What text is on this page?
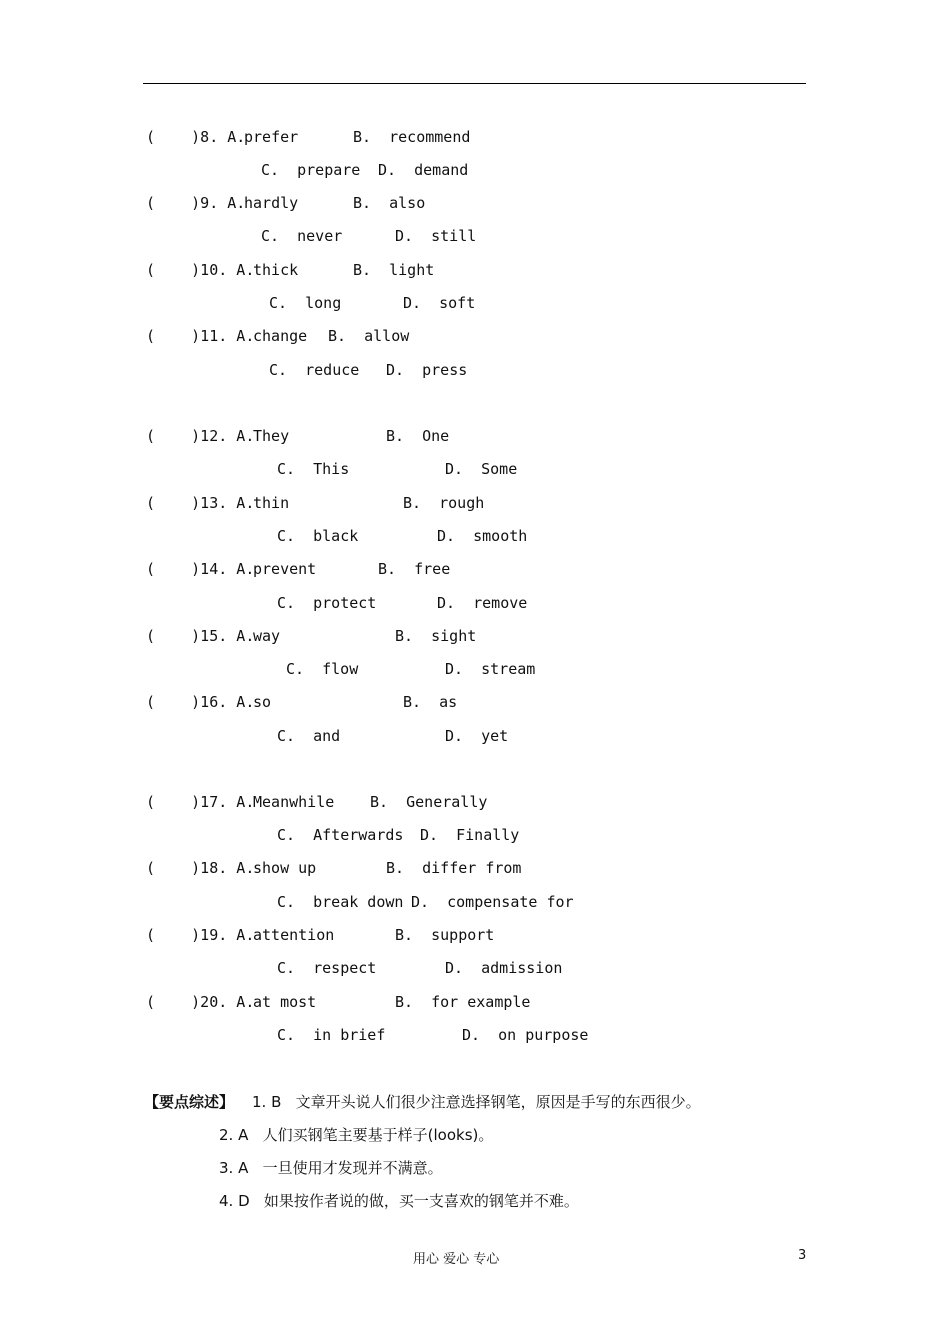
(    )8. A.
prefer	B.  recommend
C.  prepare D.  demand
(    )9. A.
hardly	B.  also
C.  never	D.  still
(    )10. A.
thick	B.  light
C.  long	D.  soft
(    )11. A.
change B.  allow
C.  reduce D.  press
(    )12. A.
They	B.  One
C.  This	D.  Some
(    )13. A.
thin	B.  rough
C.  black	D.  smooth
(    )14. A.
prevent	B.  free
C.  protect	D.  remove
(    )15. A.
way	B.  sight
C.  flow	D.  stream
(    )16. A.
so	B.  as
C.  and	D.  yet
(    )17. A.
Meanwhile B.  Generally
C.  Afterwards D.  Finally
(    )18. A.
show up	B.  differ from
C.  break down D.  compensate for
(    )19. A.
attention	B.  support
C.  respect	D.  admission
(    )20. A.
at most	B.  for example
C.  in brief	D.  on purpose
【要点综述】 1. B   文章开头说人们很少注意选择钢笔，原因是手写的东西很少。
2. A   人们买钢笔主要基于样子(looks)。
3. A   一旦使用才发现并不满意。
4. D   如果按作者说的做，买一支喜欢的钢笔并不难。
用心 爱心 专心	3
